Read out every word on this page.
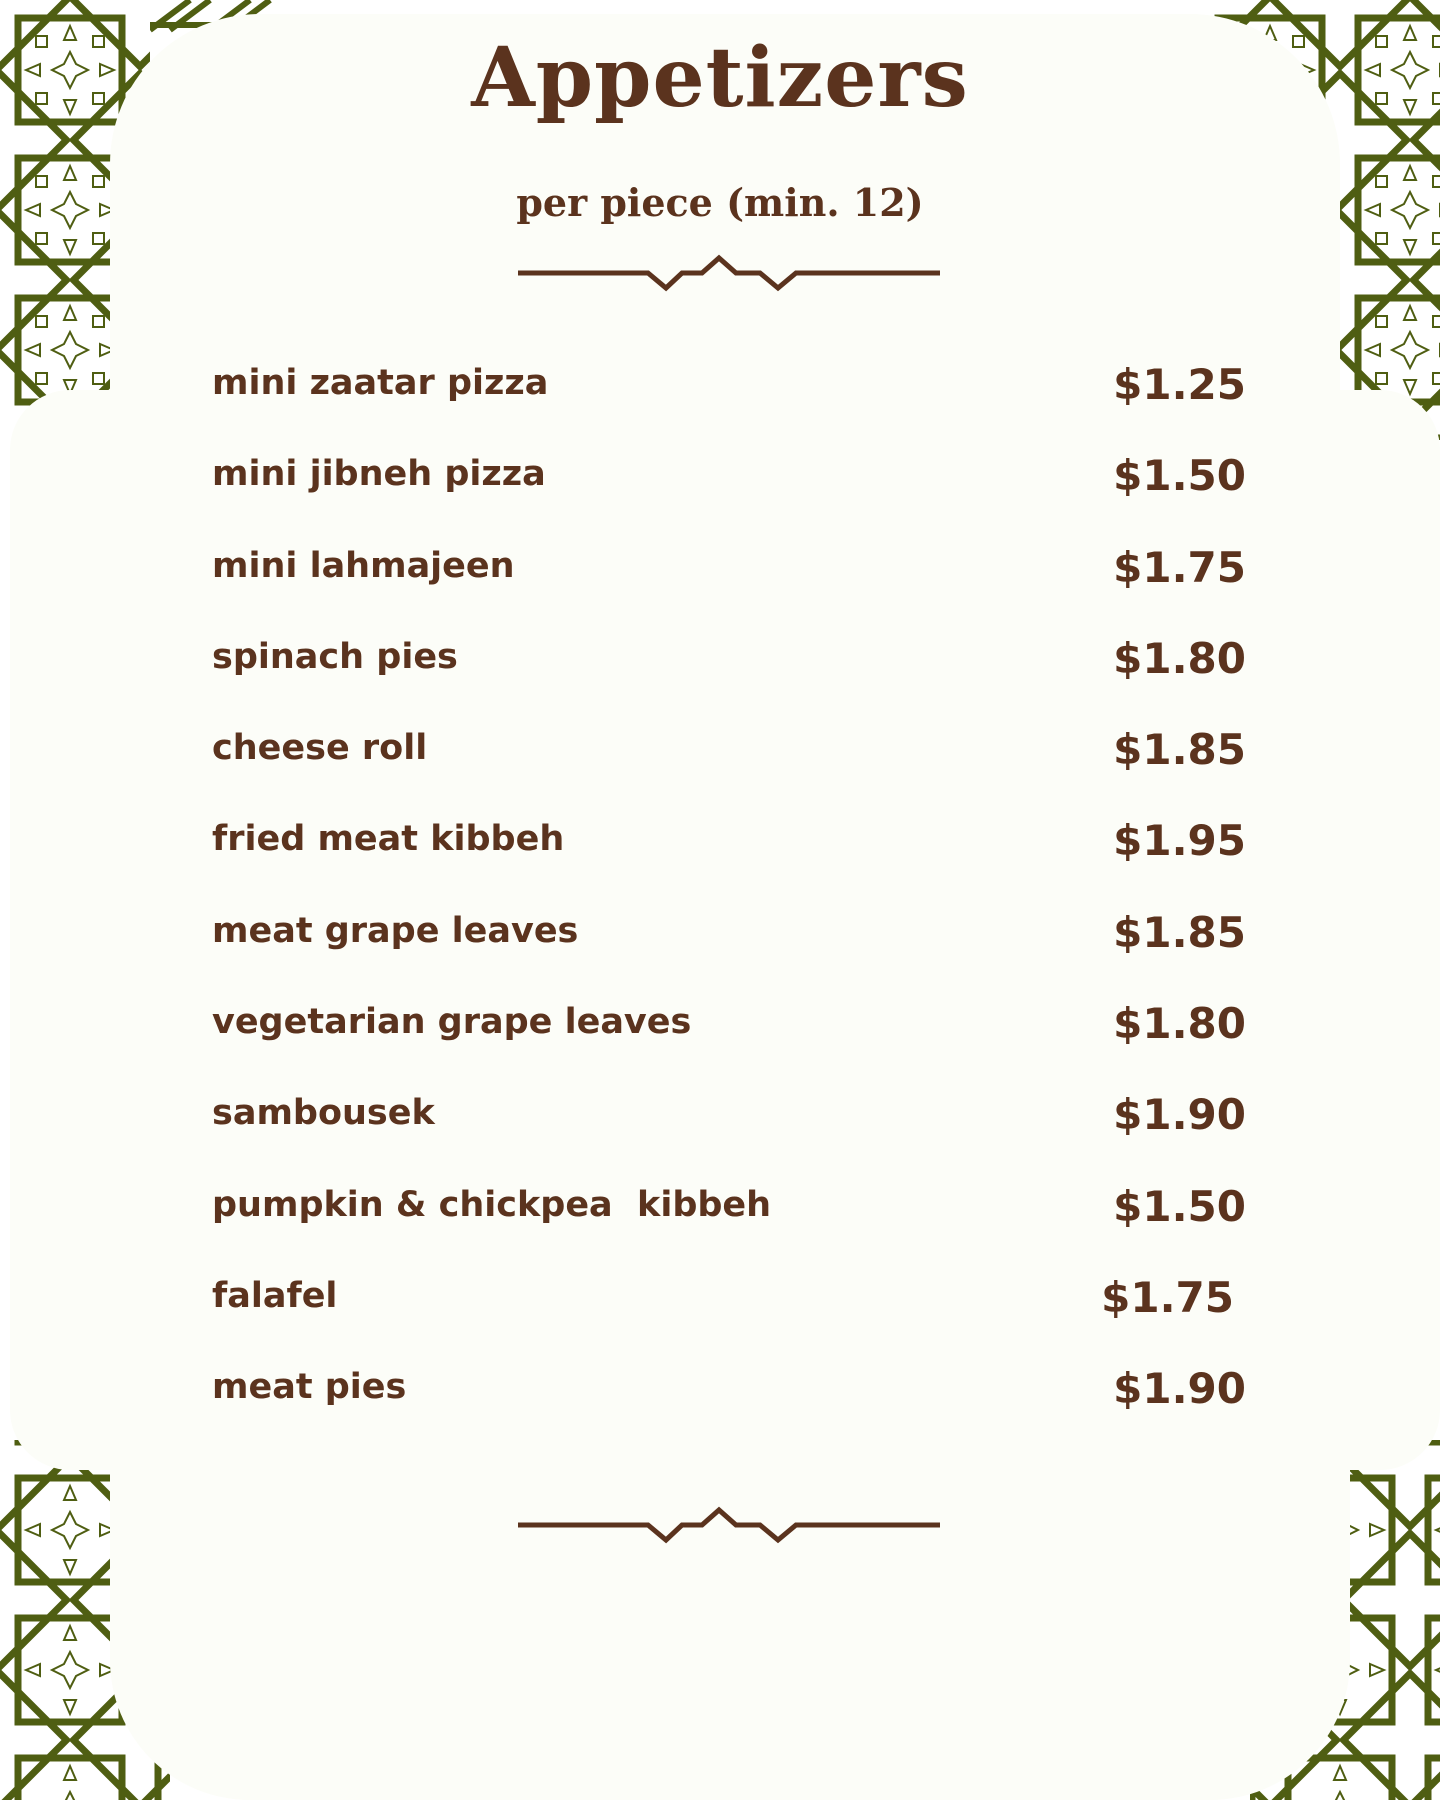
Appetizers
per piece (min. 12)
mini zaatar pizza	$1.25
mini jibneh pizza	$1.50
mini lahmajeen	$1.75
spinach pies	$1.80
cheese roll	$1.85
fried meat kibbeh	$1.95
meat grape leaves	$1.85
vegetarian grape leaves	$1.80
sambousek	$1.90
pumpkin & chickpea  kibbeh	$1.50
falafel	$1.75
meat pies	$1.90
